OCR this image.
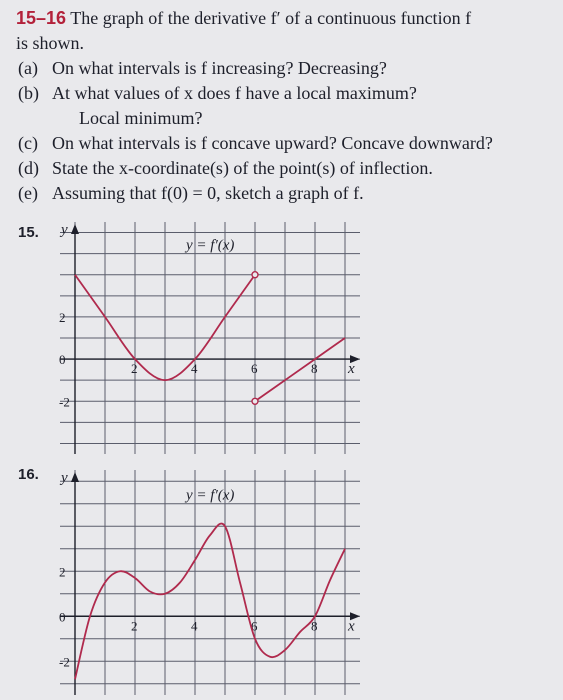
15–16 The graph of the derivative f′ of a continuous function f
is shown.
(a) On what intervals is f increasing? Decreasing?
(b) At what values of x does f have a local maximum?
Local minimum?
(c) On what intervals is f concave upward? Concave downward?
(d) State the x-coordinate(s) of the point(s) of inflection.
(e) Assuming that f(0) = 0, sketch a graph of f.
15.
16.
y
x
2	4	6	8
2
0
-2
y = f′(x)
y
x
2	4	6	8
2
0
-2
y = f′(x)
